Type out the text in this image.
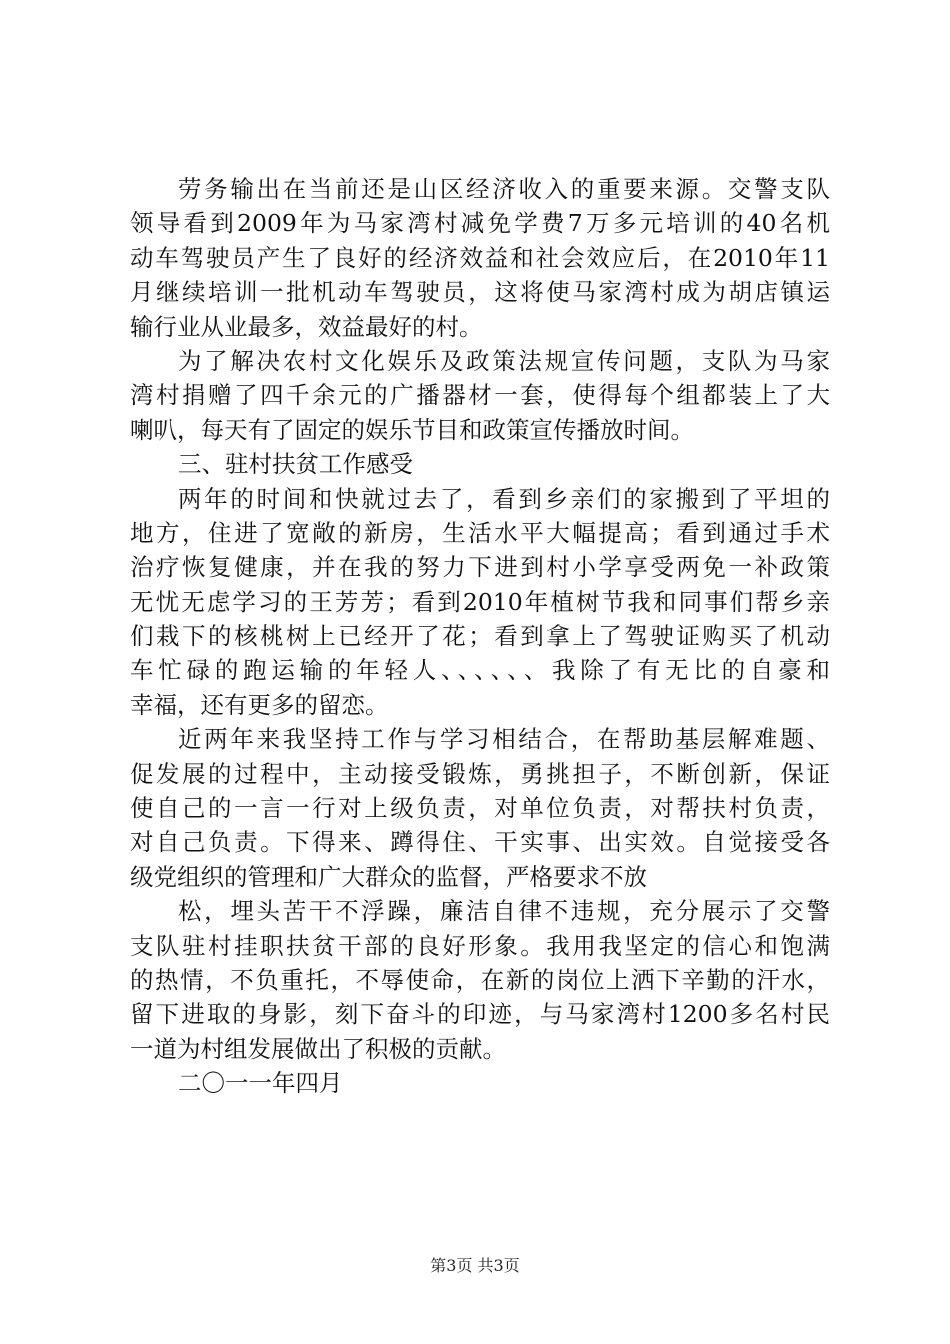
劳务输出在当前还是山区经济收入的重要来源。交警支队
领导看到2009年为马家湾村减免学费7万多元培训的40名机
动车驾驶员产生了良好的经济效益和社会效应后，在2010年11
月继续培训一批机动车驾驶员，这将使马家湾村成为胡店镇运
输行业从业最多，效益最好的村。
为了解决农村文化娱乐及政策法规宣传问题，支队为马家
湾村捐赠了四千余元的广播器材一套，使得每个组都装上了大
喇叭，每天有了固定的娱乐节目和政策宣传播放时间。
三、驻村扶贫工作感受
两年的时间和快就过去了，看到乡亲们的家搬到了平坦的
地方，住进了宽敞的新房，生活水平大幅提高；看到通过手术
治疗恢复健康，并在我的努力下进到村小学享受两免一补政策
无忧无虑学习的王芳芳；看到2010年植树节我和同事们帮乡亲
们栽下的核桃树上已经开了花；看到拿上了驾驶证购买了机动
车忙碌的跑运输的年轻人、、、、、、我除了有无比的自豪和
幸福，还有更多的留恋。
近两年来我坚持工作与学习相结合，在帮助基层解难题、
促发展的过程中，主动接受锻炼，勇挑担子，不断创新，保证
使自己的一言一行对上级负责，对单位负责，对帮扶村负责，
对自己负责。下得来、蹲得住、干实事、出实效。自觉接受各
级党组织的管理和广大群众的监督，严格要求不放
松，埋头苦干不浮躁，廉洁自律不违规，充分展示了交警
支队驻村挂职扶贫干部的良好形象。我用我坚定的信心和饱满
的热情，不负重托，不辱使命，在新的岗位上洒下辛勤的汗水，
留下进取的身影，刻下奋斗的印迹，与马家湾村1200多名村民
一道为村组发展做出了积极的贡献。
二〇一一年四月
第3页 共3页
